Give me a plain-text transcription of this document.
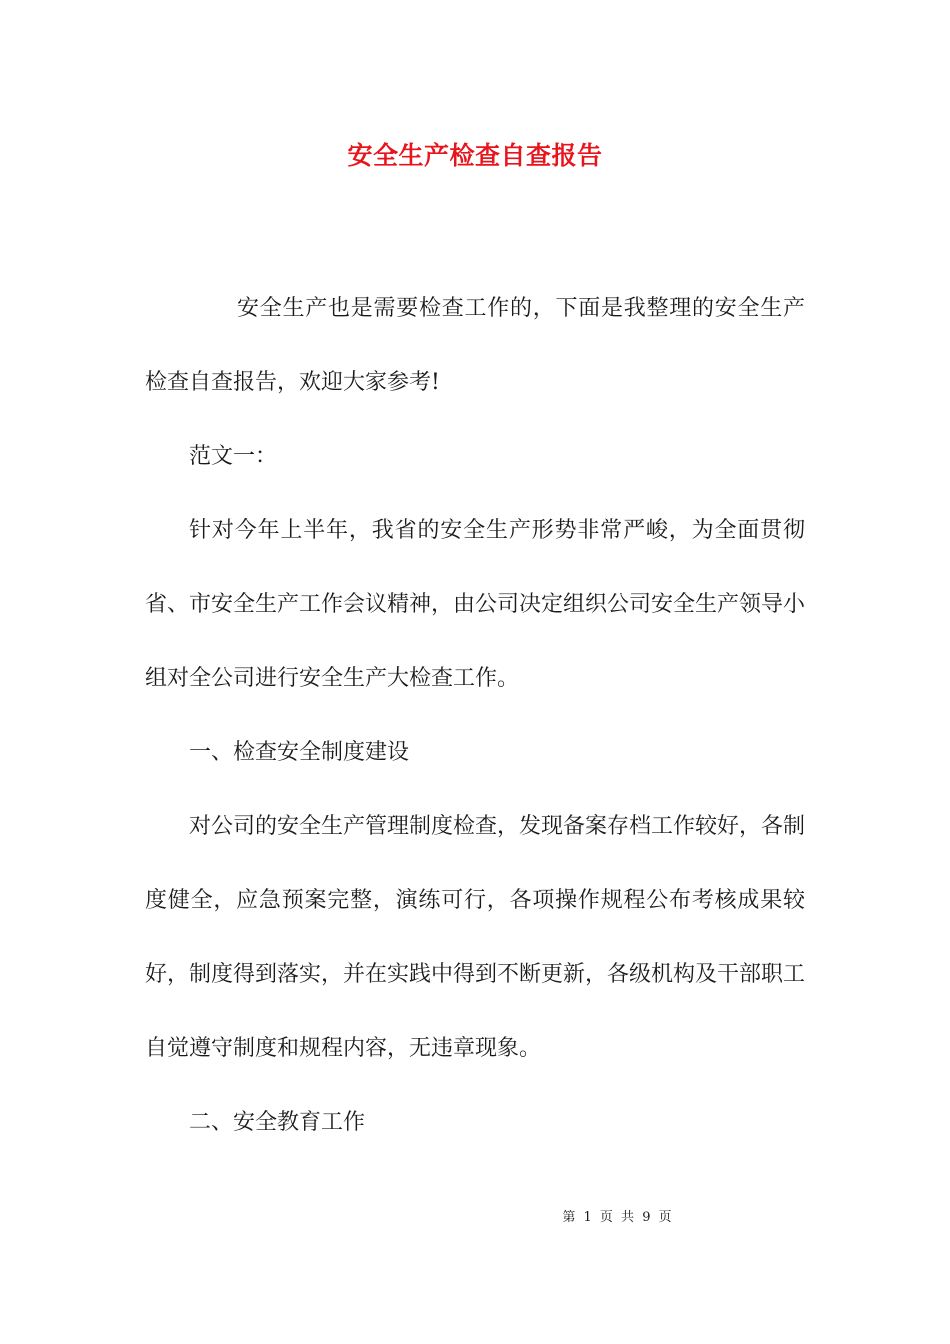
安全生产检查自查报告

安全生产也是需要检查工作的，下面是我整理的安全生产检查自查报告，欢迎大家参考!

范文一：

针对今年上半年，我省的安全生产形势非常严峻，为全面贯彻省、市安全生产工作会议精神，由公司决定组织公司安全生产领导小组对全公司进行安全生产大检查工作。

一、检查安全制度建设

对公司的安全生产管理制度检查，发现备案存档工作较好，各制度健全，应急预案完整，演练可行，各项操作规程公布考核成果较好，制度得到落实，并在实践中得到不断更新，各级机构及干部职工自觉遵守制度和规程内容，无违章现象。

二、安全教育工作

第 1 页 共 9 页
